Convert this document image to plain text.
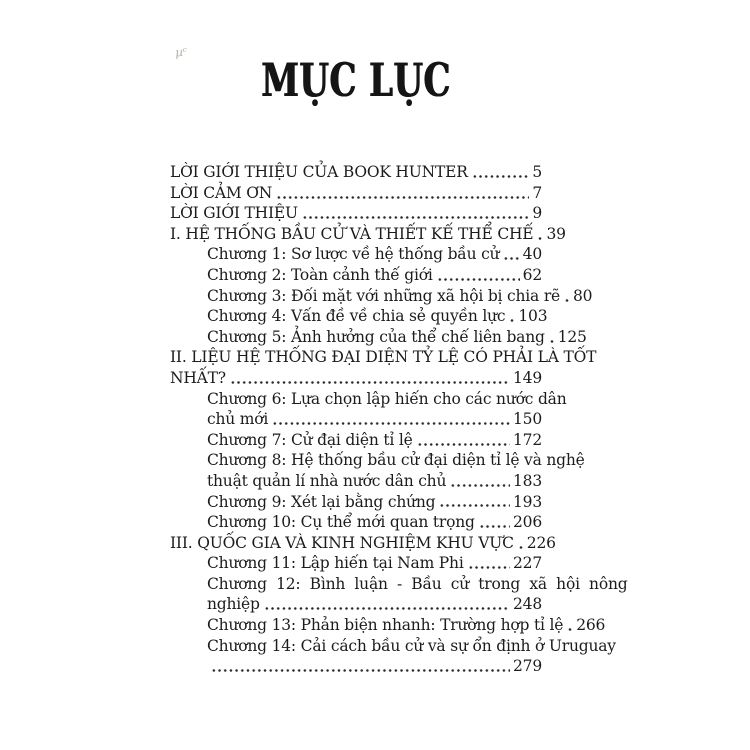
µᶜ
MỤC LỤC
LỜI GIỚI THIỆU CỦA BOOK HUNTER	5
LỜI CẢM ƠN	7
LỜI GIỚI THIỆU	9
I. HỆ THỐNG BẦU CỬ VÀ THIẾT KẾ THỂ CHẾ 39
Chương 1: Sơ lược về hệ thống bầu cử 40
Chương 2: Toàn cảnh thế giới	62
Chương 3: Đối mặt với những xã hội bị chia rẽ 80
Chương 4: Vấn đề về chia sẻ quyền lực 103
Chương 5: Ảnh hưởng của thể chế liên bang 125
II. LIỆU HỆ THỐNG ĐẠI DIỆN TỶ LỆ CÓ PHẢI LÀ TỐT
NHẤT?	149
Chương 6: Lựa chọn lập hiến cho các nước dân
chủ mới	150
Chương 7: Cử đại diện tỉ lệ	172
Chương 8: Hệ thống bầu cử đại diện tỉ lệ và nghệ
thuật quản lí nhà nước dân chủ	183
Chương 9: Xét lại bằng chứng	193
Chương 10: Cụ thể mới quan trọng 206
III. QUỐC GIA VÀ KINH NGHIỆM KHU VỰC 226
Chương 11: Lập hiến tại Nam Phi	227
Chương 12: Bình luận - Bầu cử trong xã hội nông
nghiệp	248
Chương 13: Phản biện nhanh: Trường hợp tỉ lệ 266
Chương 14: Cải cách bầu cử và sự ổn định ở Uruguay
279
